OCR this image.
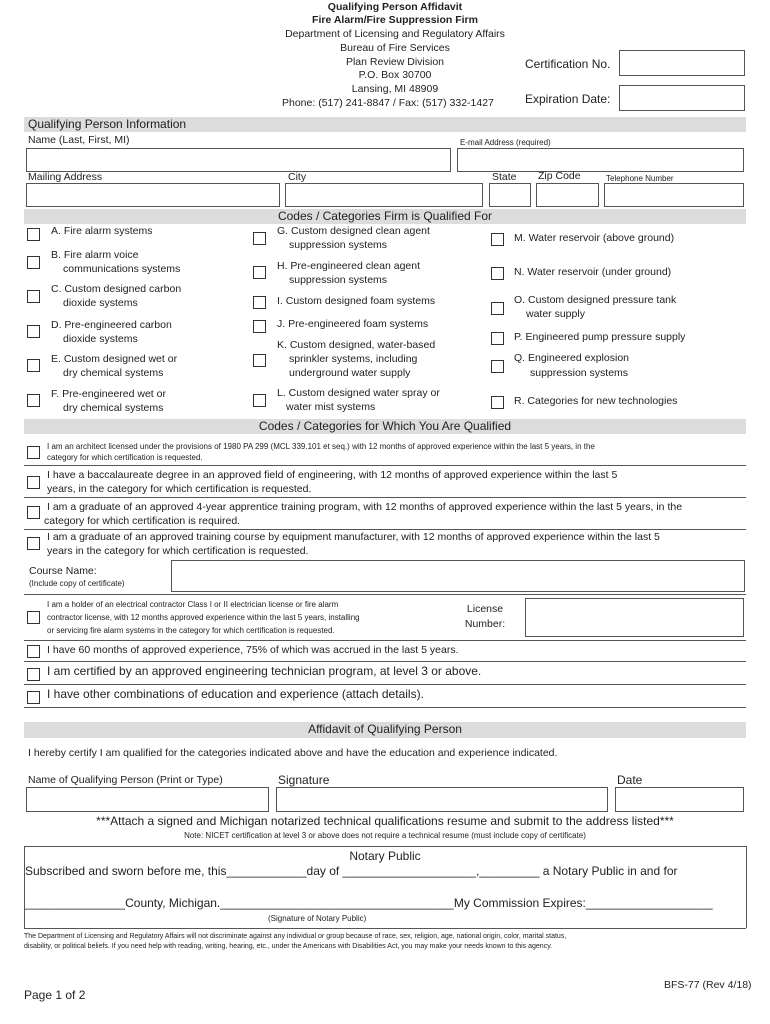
Qualifying Person Affidavit
Fire Alarm/Fire Suppression Firm
Department of Licensing and Regulatory Affairs
Bureau of Fire Services
Plan Review Division
P.O. Box 30700
Lansing, MI 48909
Phone: (517) 241-8847 / Fax: (517) 332-1427
Certification No.
Expiration Date:
Qualifying Person Information
Name (Last, First, MI)	E-mail Address (required)
Mailing Address	City	State Zip Code	Telephone Number
Codes / Categories Firm is Qualified For
A. Fire alarm systems
B. Fire alarm voice
communications systems
C. Custom designed carbon
dioxide systems
D. Pre-engineered carbon
dioxide systems
E. Custom designed wet or
dry chemical systems
F. Pre-engineered wet or
dry chemical systems
G. Custom designed clean agent
suppression systems
H. Pre-engineered clean agent
suppression systems
I. Custom designed foam systems
J. Pre-engineered foam systems
K. Custom designed, water-based
sprinkler systems, including
underground water supply
L. Custom designed water spray or
water mist systems
M. Water reservoir (above ground)
N. Water reservoir (under ground)
O. Custom designed pressure tank
water supply
P. Engineered pump pressure supply
Q. Engineered explosion
suppression systems
R. Categories for new technologies
Codes / Categories for Which You Are Qualified
I am an architect licensed under the provisions of 1980 PA 299 (MCL 339.101 et seq.) with 12 months of approved experience within the last 5 years, in the
category for which certification is requested.
I have a baccalaureate degree in an approved field of engineering, with 12 months of approved experience within the last 5
years, in the category for which certification is requested.
I am a graduate of an approved 4-year apprentice training program, with 12 months of approved experience within the last 5 years, in the
category for which certification is required.
I am a graduate of an approved training course by equipment manufacturer, with 12 months of approved experience within the last 5
years in the category for which certification is requested.
Course Name:
(Include copy of certificate)
I am a holder of an electrical contractor Class I or II electrician license or fire alarm
contractor license, with 12 months approved experience within the last 5 years, installing
or servicing fire alarm systems in the category for which certification is requested.
License
Number:
I have 60 months of approved experience, 75% of which was accrued in the last 5 years.
I am certified by an approved engineering technician program, at level 3 or above.
I have other combinations of education and experience (attach details).
Affidavit of Qualifying Person
I hereby certify I am qualified for the categories indicated above and have the education and experience indicated.
Name of Qualifying Person (Print or Type)	Signature	Date
***Attach a signed and Michigan notarized technical qualifications resume and submit to the address listed***
Note: NICET certification at level 3 or above does not require a technical resume (must include copy of certificate)
Notary Public
Subscribed and sworn before me, this____________day of ____________________,_________ a Notary Public in and for
_______________County, Michigan.___________________________________My Commission Expires:___________________
(Signature of Notary Public)
The Department of Licensing and Regulatory Affairs will not discriminate against any individual or group because of race, sex, religion, age, national origin, color, marital status,
disability, or political beliefs. If you need help with reading, writing, hearing, etc., under the Americans with Disabilities Act, you may make your needs known to this agency.
BFS-77 (Rev 4/18)
Page 1 of 2
